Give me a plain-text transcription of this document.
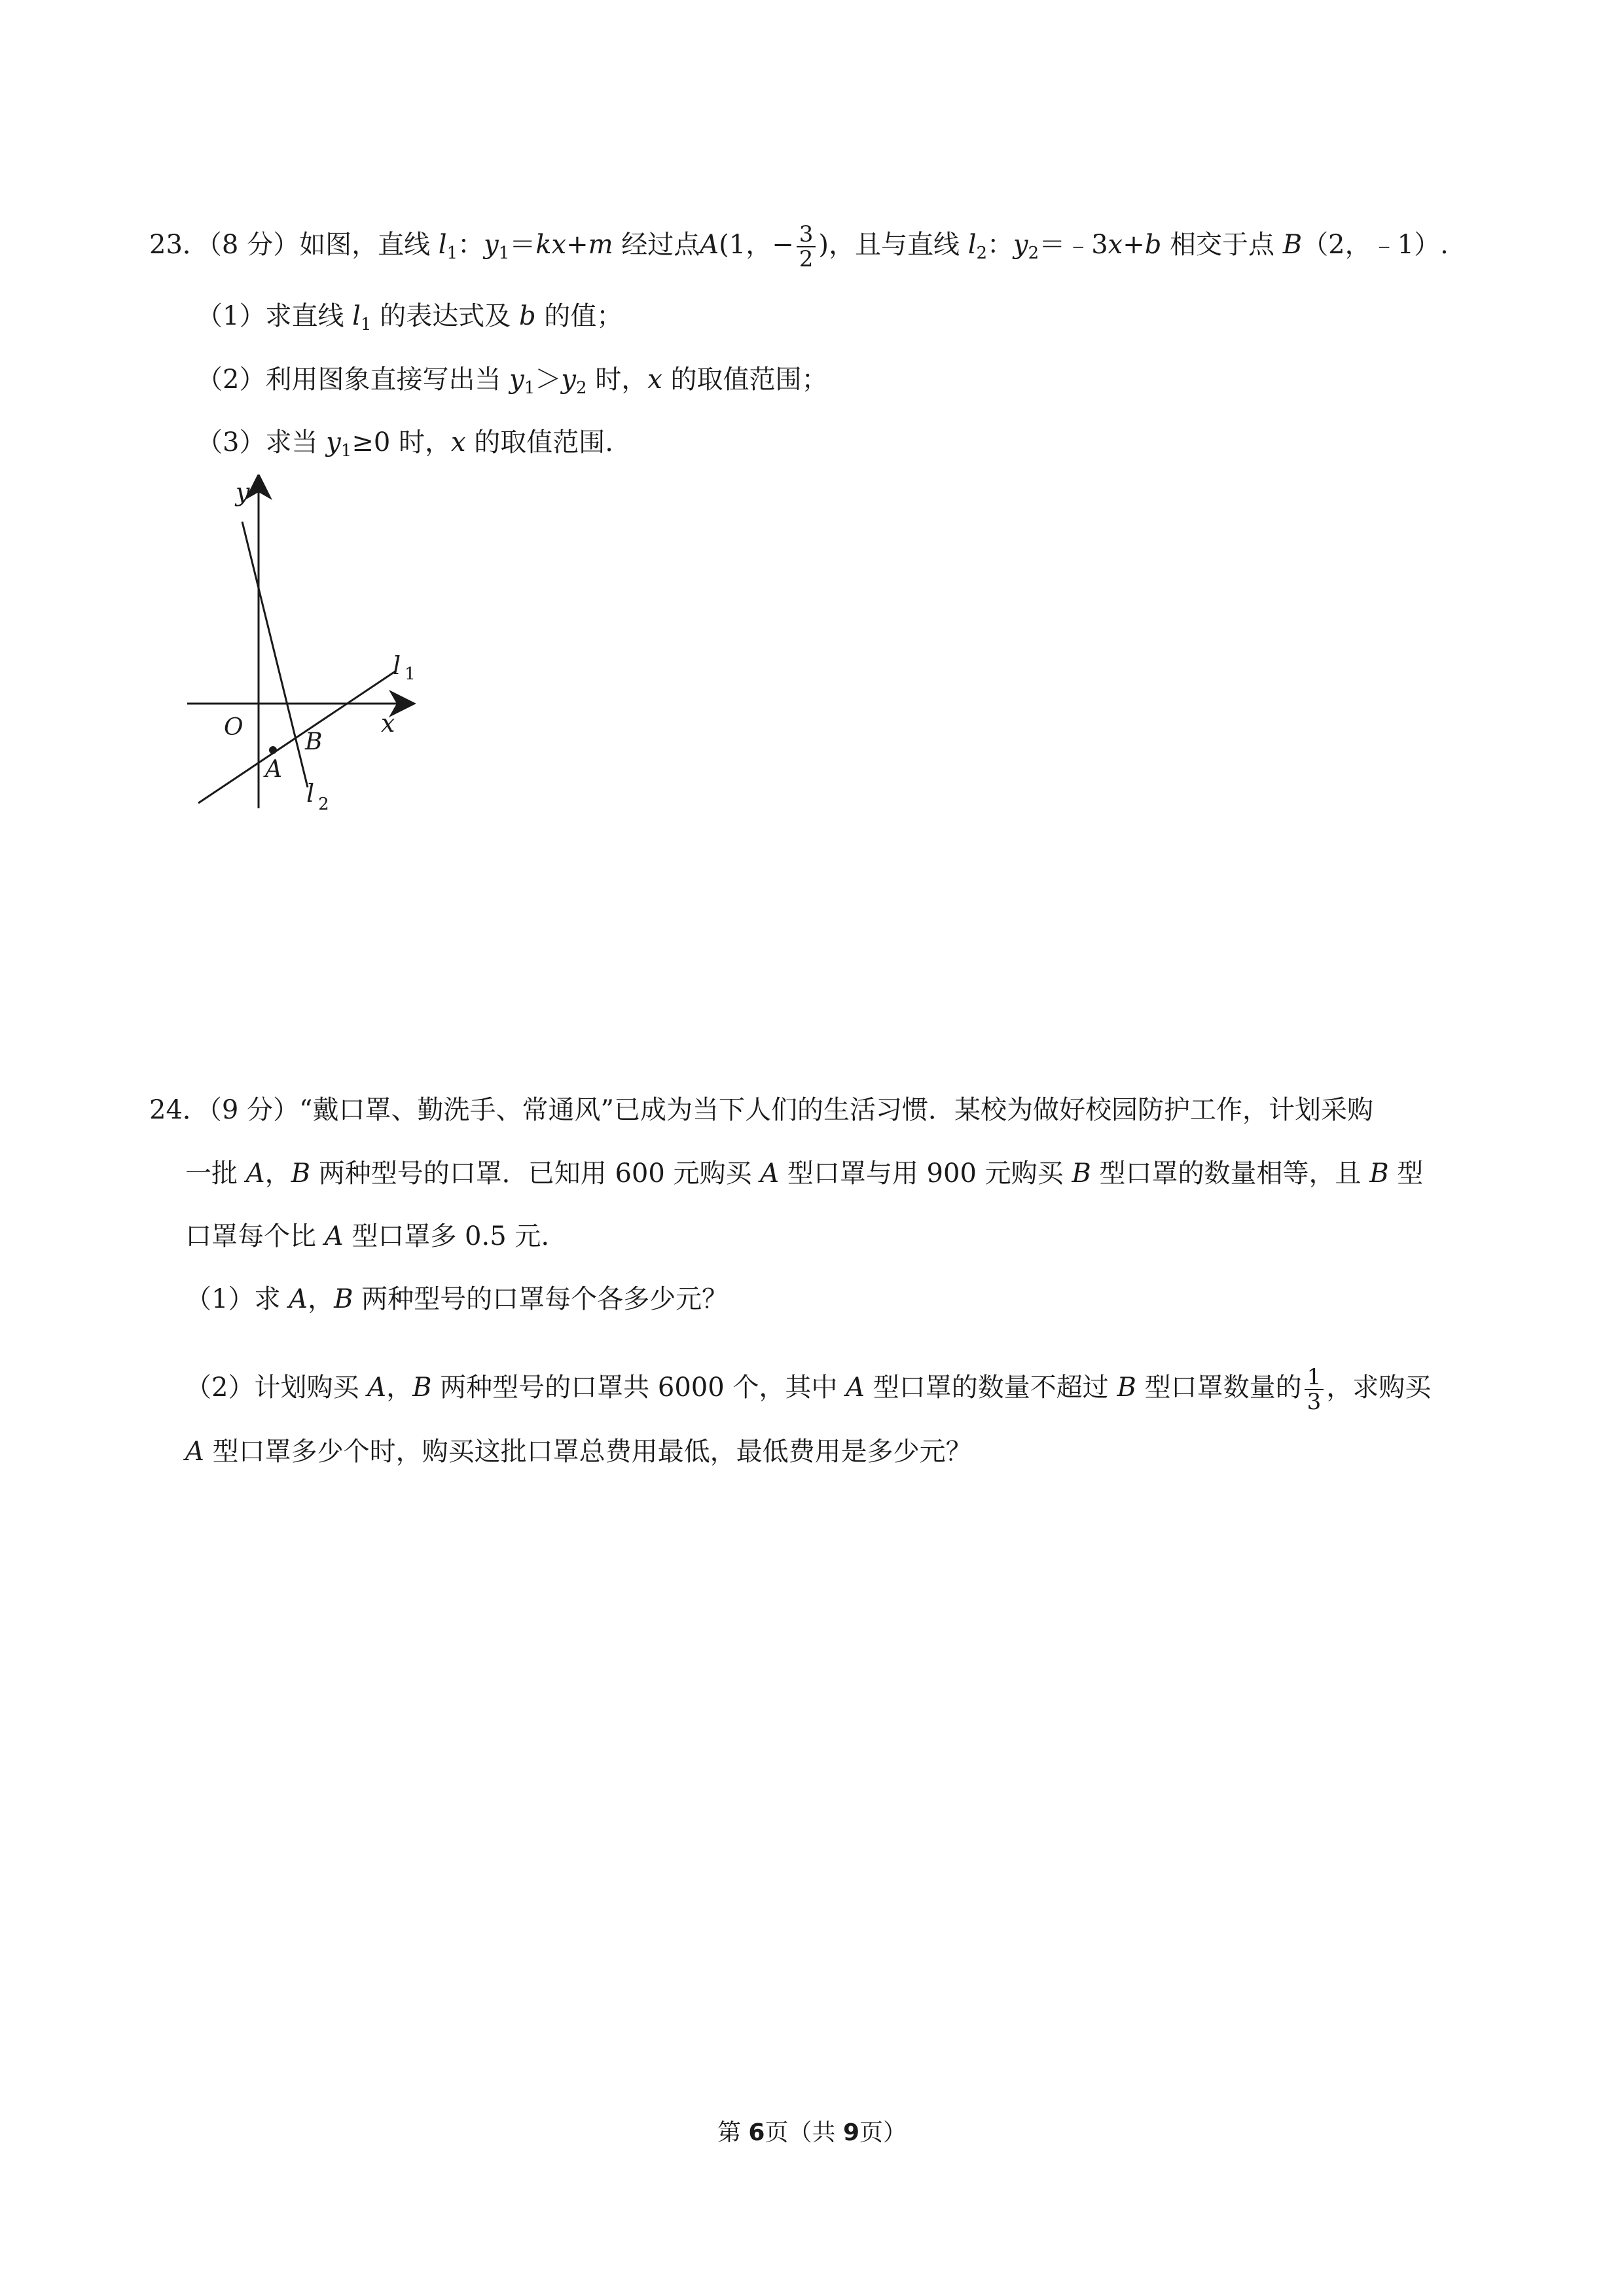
23．（8 分）如图，直线 $l_1$：$y_1=kx+m$ 经过点A(1，− $\frac{3}{2}$ )，且与直线 $l_2$：$y_2=﹣3x+b$ 相交于点 B（2，﹣1）.
（1）求直线 $l_1$ 的表达式及 b 的值；
（2）利用图象直接写出当 $y_1>y_2$ 时，x 的取值范围；
（3）求当 $y_1\ge 0$ 时，x 的取值范围.
y
x
O
l $_1$
l $_2$
A
B
24．（9 分）“戴口罩、勤洗手、常通风”已成为当下人们的生活习惯．某校为做好校园防护工作，计划采购
一批 A，B 两种型号的口罩．已知用 600 元购买 A 型口罩与用 900 元购买 B 型口罩的数量相等，且 B 型
口罩每个比 A 型口罩多 0.5 元.
（1）求 A，B 两种型号的口罩每个各多少元？
（2）计划购买 A，B 两种型号的口罩共 6000 个，其中 A 型口罩的数量不超过 B 型口罩数量的 $\frac{1}{3}$ ，求购买
A 型口罩多少个时，购买这批口罩总费用最低，最低费用是多少元？
第 6页（共 9页）
